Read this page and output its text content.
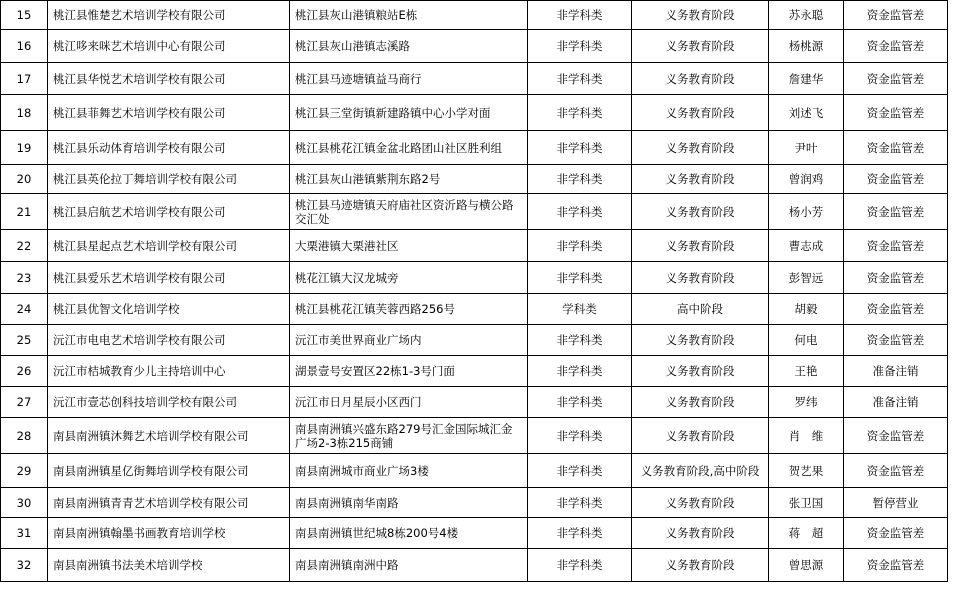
15	桃江县惟楚艺术培训学校有限公司	桃江县灰山港镇粮站E栋	非学科类	义务教育阶段	苏永聪	资金监管差
16	桃江哆来咪艺术培训中心有限公司	桃江县灰山港镇志溪路	非学科类	义务教育阶段	杨桃源	资金监管差
17	桃江县华悦艺术培训学校有限公司	桃江县马迹塘镇益马商行	非学科类	义务教育阶段	詹建华	资金监管差
18	桃江县菲舞艺术培训学校有限公司	桃江县三堂街镇新建路镇中心小学对面	非学科类	义务教育阶段	刘述飞	资金监管差
19	桃江县乐动体育培训学校有限公司	桃江县桃花江镇金盆北路团山社区胜利组	非学科类	义务教育阶段	尹叶	资金监管差
20	桃江县英伦拉丁舞培训学校有限公司	桃江县灰山港镇紫荆东路2号	非学科类	义务教育阶段	曾润鸡	资金监管差
21	桃江县启航艺术培训学校有限公司	桃江县马迹塘镇天府庙社区资沂路与横公路交汇处	非学科类	义务教育阶段	杨小芳	资金监管差
22	桃江县星起点艺术培训学校有限公司	大栗港镇大栗港社区	非学科类	义务教育阶段	曹志成	资金监管差
23	桃江县爱乐艺术培训学校有限公司	桃花江镇大汉龙城旁	非学科类	义务教育阶段	彭智远	资金监管差
24	桃江县优智文化培训学校	桃江县桃花江镇芙蓉西路256号	学科类	高中阶段	胡毅	资金监管差
25	沅江市电电艺术培训学校有限公司	沅江市美世界商业广场内	非学科类	义务教育阶段	何电	资金监管差
26	沅江市桔城教育少儿主持培训中心	湖景壹号安置区22栋1-3号门面	非学科类	义务教育阶段	王艳	准备注销
27	沅江市壹芯创科技培训学校有限公司	沅江市日月星辰小区西门	非学科类	义务教育阶段	罗纬	准备注销
28	南县南洲镇沐舞艺术培训学校有限公司	南县南洲镇兴盛东路279号汇金国际城汇金广场2-3栋215商铺	非学科类	义务教育阶段	肖　维	资金监管差
29	南县南洲镇星亿街舞培训学校有限公司	南县南洲城市商业广场3楼	非学科类	义务教育阶段,高中阶段	贺艺果	资金监管差
30	南县南洲镇青青艺术培训学校有限公司	南县南洲镇南华南路	非学科类	义务教育阶段	张卫国	暂停营业
31	南县南洲镇翰墨书画教育培训学校	南县南洲镇世纪城8栋200号4楼	非学科类	义务教育阶段	蒋　超	资金监管差
32	南县南洲镇书法美术培训学校	南县南洲镇南洲中路	非学科类	义务教育阶段	曾思源	资金监管差
